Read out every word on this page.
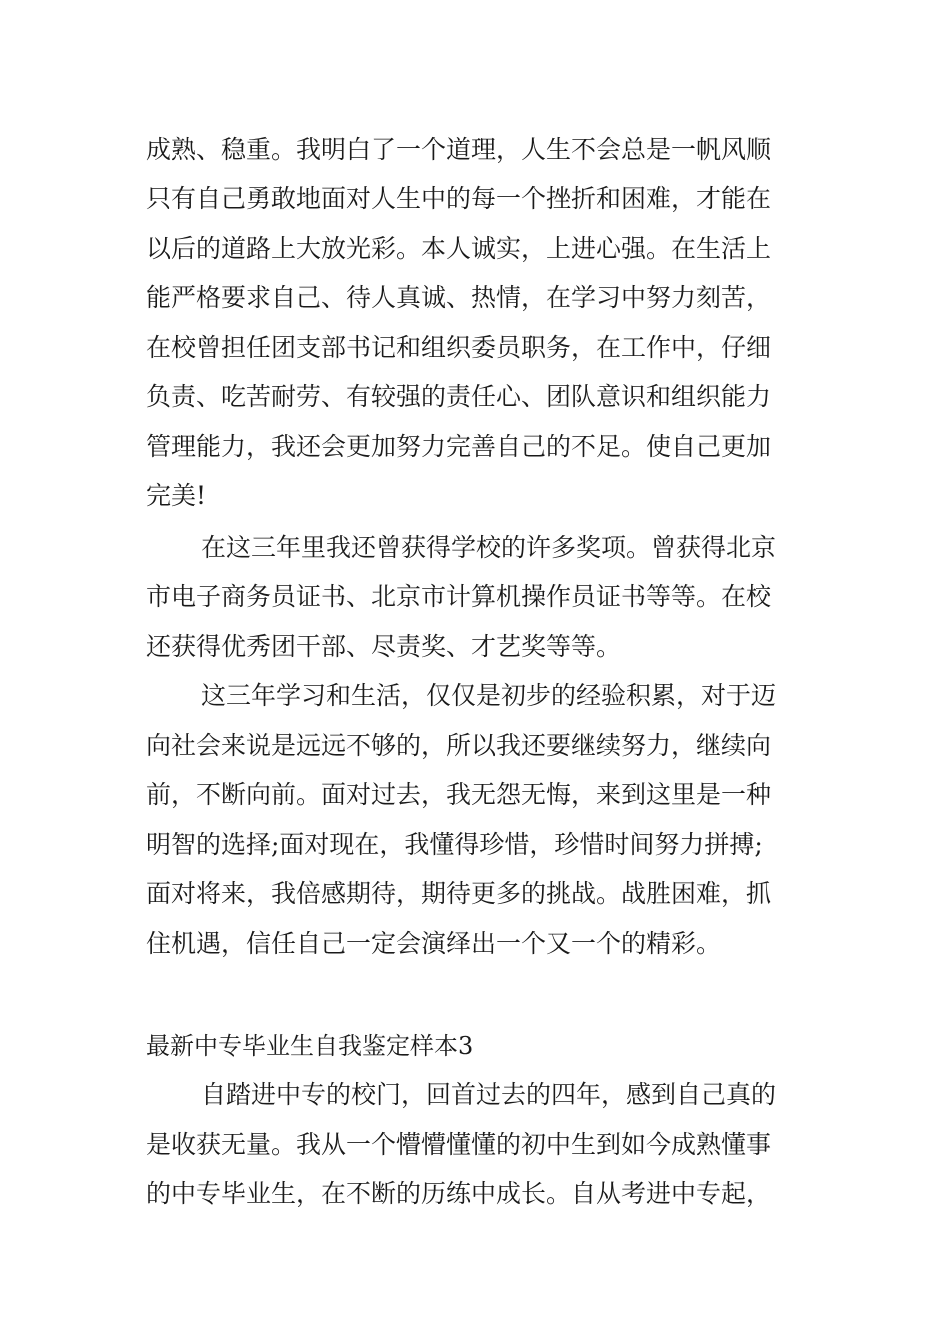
成熟、稳重。我明白了一个道理，人生不会总是一帆风顺

只有自己勇敢地面对人生中的每一个挫折和困难，才能在

以后的道路上大放光彩。本人诚实，上进心强。在生活上

能严格要求自己、待人真诚、热情，在学习中努力刻苦，

在校曾担任团支部书记和组织委员职务，在工作中，仔细

负责、吃苦耐劳、有较强的责任心、团队意识和组织能力

管理能力，我还会更加努力完善自己的不足。使自己更加

完美!

在这三年里我还曾获得学校的许多奖项。曾获得北京

市电子商务员证书、北京市计算机操作员证书等等。在校

还获得优秀团干部、尽责奖、才艺奖等等。

这三年学习和生活，仅仅是初步的经验积累，对于迈

向社会来说是远远不够的，所以我还要继续努力，继续向

前，不断向前。面对过去，我无怨无悔，来到这里是一种

明智的选择;面对现在，我懂得珍惜，珍惜时间努力拼搏;

面对将来，我倍感期待，期待更多的挑战。战胜困难，抓

住机遇，信任自己一定会演绎出一个又一个的精彩。

最新中专毕业生自我鉴定样本3

自踏进中专的校门，回首过去的四年，感到自己真的

是收获无量。我从一个懵懵懂懂的初中生到如今成熟懂事

的中专毕业生，在不断的历练中成长。自从考进中专起，
